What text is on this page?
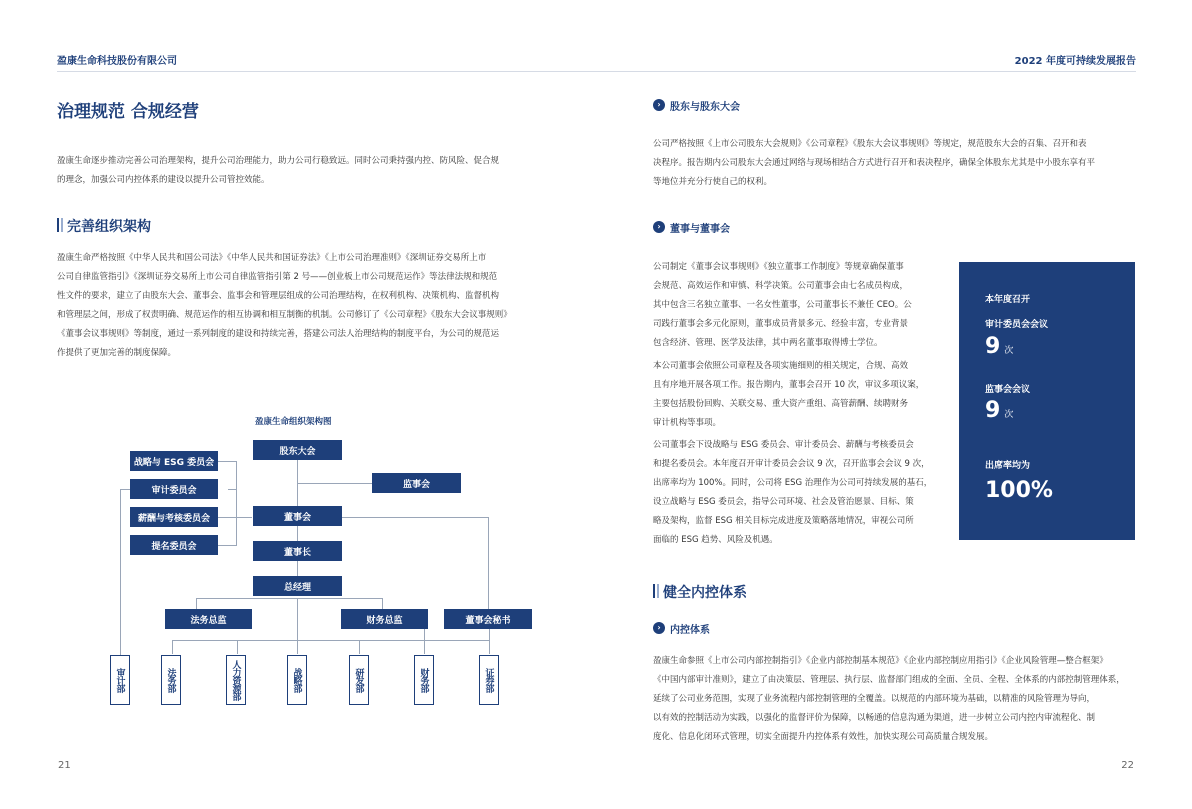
盈康生命科技股份有限公司	2022 年度可持续发展报告
治理规范 合规经营
盈康生命逐步推动完善公司治理架构，提升公司治理能力，助力公司行稳致远。同时公司秉持强内控、防风险、促合规
的理念，加强公司内控体系的建设以提升公司管控效能。
完善组织架构
盈康生命严格按照《中华人民共和国公司法》《中华人民共和国证券法》《上市公司治理准则》《深圳证券交易所上市
公司自律监管指引》《深圳证券交易所上市公司自律监管指引第 2 号——创业板上市公司规范运作》等法律法规和规范
性文件的要求，建立了由股东大会、董事会、监事会和管理层组成的公司治理结构，在权利机构、决策机构、监督机构
和管理层之间，形成了权责明确、规范运作的相互协调和相互制衡的机制。公司修订了《公司章程》《股东大会议事规则》
《董事会议事规则》等制度，通过一系列制度的建设和持续完善，搭建公司法人治理结构的制度平台，为公司的规范运
作提供了更加完善的制度保障。
盈康生命组织架构图
股东大会
监事会
董事会
董事长
总经理
战略与 ESG 委员会
审计委员会
薪酬与考核委员会
提名委员会
法务总监	财务总监	董事会秘书
审计部	法务部	人力资源部	战略部	研发部	财务部	证券部
21
› 股东与股东大会
公司严格按照《上市公司股东大会规则》《公司章程》《股东大会议事规则》等规定，规范股东大会的召集、召开和表
决程序。报告期内公司股东大会通过网络与现场相结合方式进行召开和表决程序，确保全体股东尤其是中小股东享有平
等地位并充分行使自己的权利。
› 董事与董事会
公司制定《董事会议事规则》《独立董事工作制度》等规章确保董事
会规范、高效运作和审慎、科学决策。公司董事会由七名成员构成，
其中包含三名独立董事、一名女性董事，公司董事长不兼任 CEO。公
司践行董事会多元化原则，董事成员背景多元、经验丰富，专业背景
包含经济、管理、医学及法律，其中两名董事取得博士学位。
本公司董事会依照公司章程及各项实施细则的相关规定，合规、高效
且有序地开展各项工作。报告期内，董事会召开 10 次，审议多项议案，
主要包括股份回购、关联交易、重大资产重组、高管薪酬、续聘财务
审计机构等事项。
公司董事会下设战略与 ESG 委员会、审计委员会、薪酬与考核委员会
和提名委员会。本年度召开审计委员会会议 9 次，召开监事会会议 9 次，
出席率均为 100%。同时，公司将 ESG 治理作为公司可持续发展的基石，
设立战略与 ESG 委员会，指导公司环境、社会及管治愿景、目标、策
略及架构，监督 ESG 相关目标完成进度及策略落地情况，审视公司所
面临的 ESG 趋势、风险及机遇。
本年度召开
审计委员会会议
9 次
监事会会议
9 次
出席率均为
100%
健全内控体系
› 内控体系
盈康生命参照《上市公司内部控制指引》《企业内部控制基本规范》《企业内部控制应用指引》《企业风险管理—整合框架》
《中国内部审计准则》，建立了由决策层、管理层、执行层、监督部门组成的全面、全员、全程、全体系的内部控制管理体系，
延续了公司业务范围，实现了业务流程内部控制管理的全覆盖。以规范的内部环境为基础，以精准的风险管理为导向，
以有效的控制活动为实践，以强化的监督评价为保障，以畅通的信息沟通为渠道，进一步树立公司内控内审流程化、制
度化、信息化闭环式管理，切实全面提升内控体系有效性，加快实现公司高质量合规发展。
22
